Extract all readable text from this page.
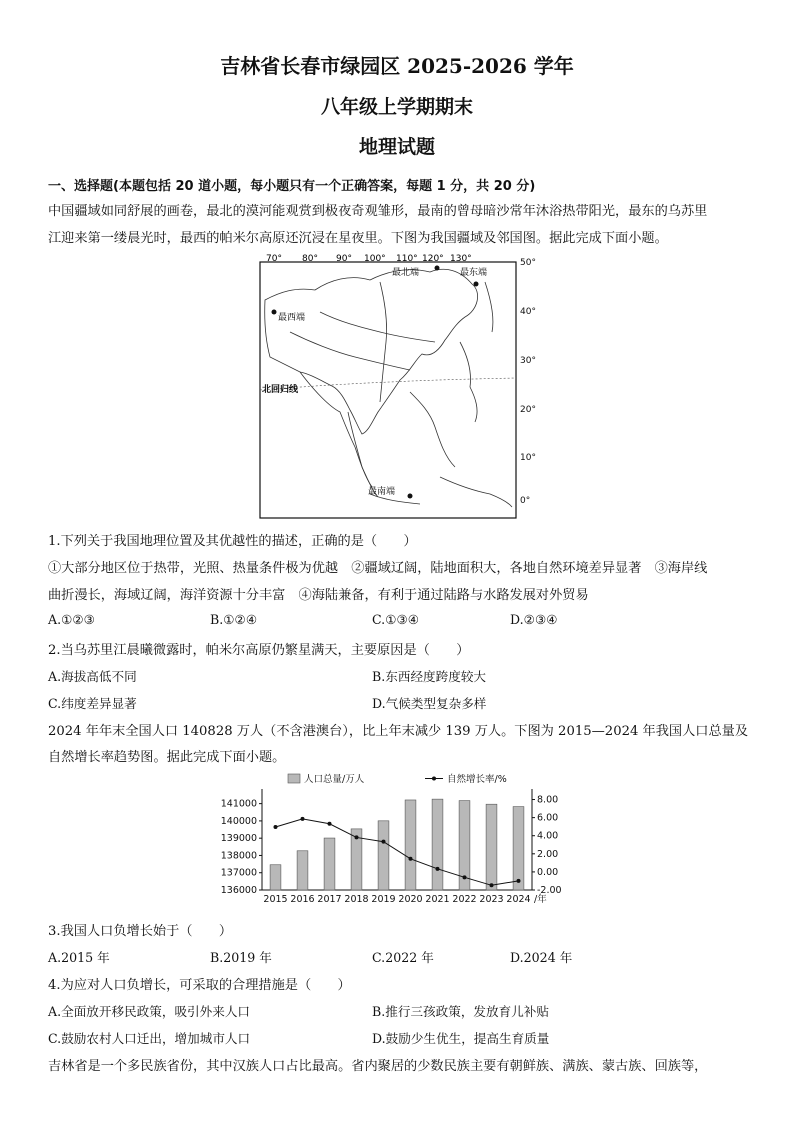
吉林省长春市绿园区 2025-2026 学年
八年级上学期期末
地理试题
一、选择题(本题包括 20 道小题，每小题只有一个正确答案，每题 1 分，共 20 分)
中国疆域如同舒展的画卷，最北的漠河能观赏到极夜奇观雏形，最南的曾母暗沙常年沐浴热带阳光，最东的乌苏里
江迎来第一缕晨光时，最西的帕米尔高原还沉浸在星夜里。下图为我国疆域及邻国图。据此完成下面小题。
70° 80° 90° 100° 110° 120° 130°
最北端	最东端
最西端
最南端
北回归线
50°
40°
30°
20°
10°
0°
1.下列关于我国地理位置及其优越性的描述，正确的是（　　）
①大部分地区位于热带，光照、热量条件极为优越　②疆域辽阔，陆地面积大，各地自然环境差异显著　③海岸线
曲折漫长，海域辽阔，海洋资源十分丰富　④海陆兼备，有利于通过陆路与水路发展对外贸易
A.①②③	B.①②④	C.①③④	D.②③④
2.当乌苏里江晨曦微露时，帕米尔高原仍繁星满天，主要原因是（　　）
A.海拔高低不同	B.东西经度跨度较大
C.纬度差异显著	D.气候类型复杂多样
2024 年年末全国人口 140828 万人（不含港澳台），比上年末减少 139 万人。下图为 2015—2024 年我国人口总量及
自然增长率趋势图。据此完成下面小题。
136000
137000
138000
139000
140000
141000
-2.00
0.00
2.00
4.00
6.00
8.00
2015 2016 2017 2018 2019 2020 2021 2022 2023 2024 /年
人口总量/万人	自然增长率/%
3.我国人口负增长始于（　　）
A.2015 年	B.2019 年	C.2022 年	D.2024 年
4.为应对人口负增长，可采取的合理措施是（　　）
A.全面放开移民政策，吸引外来人口	B.推行三孩政策，发放育儿补贴
C.鼓励农村人口迁出，增加城市人口	D.鼓励少生优生，提高生育质量
吉林省是一个多民族省份，其中汉族人口占比最高。省内聚居的少数民族主要有朝鲜族、满族、蒙古族、回族等，
